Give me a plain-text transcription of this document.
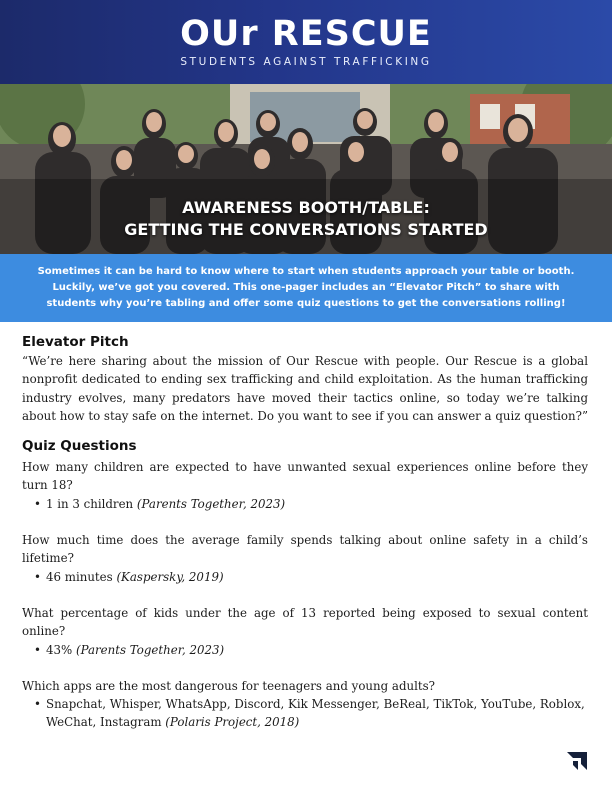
OUr RESCUE
STUDENTS AGAINST TRAFFICKING
AWARENESS BOOTH/TABLE:
GETTING THE CONVERSATIONS STARTED
Sometimes it can be hard to know where to start when students approach your table or booth. Luckily, we’ve got you covered. This one-pager includes an “Elevator Pitch” to share with students why you’re tabling and offer some quiz questions to get the conversations rolling!
Elevator Pitch

“We’re here sharing about the mission of Our Rescue with people. Our Rescue is a global nonprofit dedicated to ending sex trafficking and child exploitation. As the human trafficking industry evolves, many predators have moved their tactics online, so today we’re talking about how to stay safe on the internet. Do you want to see if you can answer a quiz question?”

Quiz Questions
How many children are expected to have unwanted sexual experiences online before they turn 18?
• 1 in 3 children (Parents Together, 2023)
How much time does the average family spends talking about online safety in a child’s lifetime?
• 46 minutes (Kaspersky, 2019)
What percentage of kids under the age of 13 reported being exposed to sexual content online?
• 43% (Parents Together, 2023)
Which apps are the most dangerous for teenagers and young adults?
• Snapchat, Whisper, WhatsApp, Discord, Kik Messenger, BeReal, TikTok, YouTube, Roblox, WeChat, Instagram (Polaris Project, 2018)
